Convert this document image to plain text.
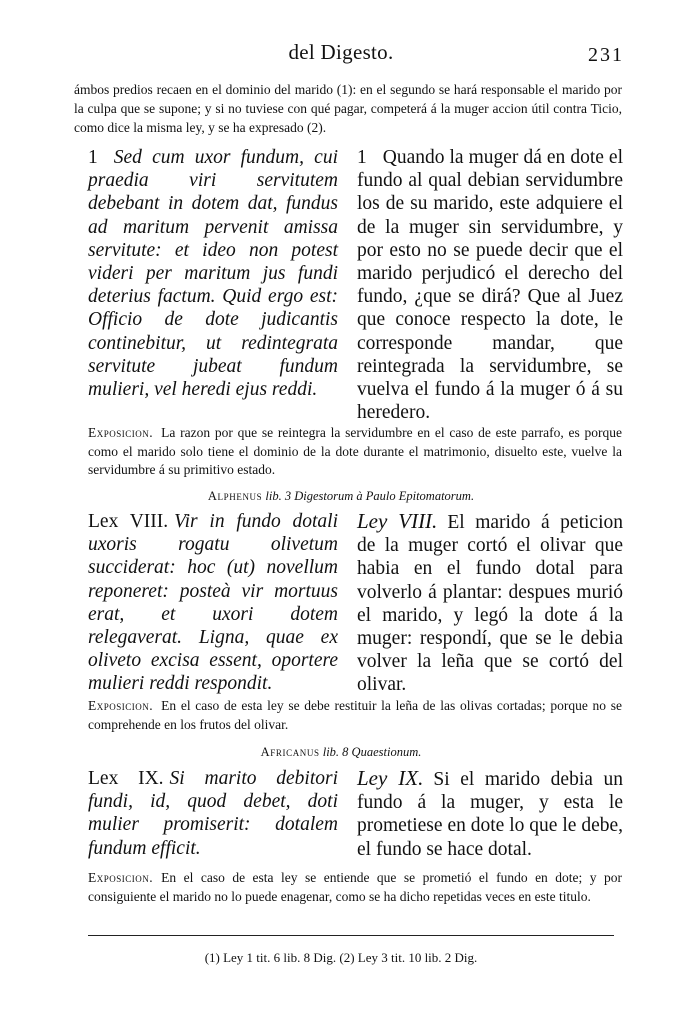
del Digesto.	231
ámbos predios recaen en el dominio del marido (1): en el segundo se hará responsable el marido por la culpa que se supone; y si no tuviese con qué pagar, competerá á la muger accion útil contra Ticio, como dice la misma ley, y se ha expresado (2).
1 Sed cum uxor fundum, cui praedia viri servitutem debebant in dotem dat, fundus ad maritum pervenit amissa servitute: et ideo non potest videri per maritum jus fundi deterius factum. Quid ergo est: Officio de dote judicantis continebitur, ut redintegrata servitute jubeat fundum mulieri, vel heredi ejus reddi.
1 Quando la muger dá en dote el fundo al qual debian servidumbre los de su marido, este adquiere el de la muger sin servidumbre, y por esto no se puede decir que el marido perjudicó el derecho del fundo, ¿que se dirá? Que al Juez que conoce respecto la dote, le corresponde mandar, que reintegrada la servidumbre, se vuelva el fundo á la muger ó á su heredero.
Exposicion. La razon por que se reintegra la servidumbre en el caso de este parrafo, es porque como el marido solo tiene el dominio de la dote durante el matrimonio, disuelto este, vuelve la servidumbre á su primitivo estado.
Alphenus lib. 3 Digestorum à Paulo Epitomatorum.
Lex VIII. Vir in fundo dotali uxoris rogatu olivetum succiderat: hoc (ut) novellum reponeret: posteà vir mortuus erat, et uxori dotem relegaverat. Ligna, quae ex oliveto excisa essent, oportere mulieri reddi respondit.
Ley VIII. El marido á peticion de la muger cortó el olivar que habia en el fundo dotal para volverlo á plantar: despues murió el marido, y legó la dote á la muger: respondí, que se le debia volver la leña que se cortó del olivar.
Exposicion. En el caso de esta ley se debe restituir la leña de las olivas cortadas; porque no se comprehende en los frutos del olivar.
Africanus lib. 8 Quaestionum.
Lex IX. Si marito debitori fundi, id, quod debet, doti mulier promiserit: dotalem fundum efficit.
Ley IX. Si el marido debia un fundo á la muger, y esta le prometiese en dote lo que le debe, el fundo se hace dotal.
Exposicion. En el caso de esta ley se entiende que se prometió el fundo en dote; y por consiguiente el marido no lo puede enagenar, como se ha dicho repetidas veces en este titulo.
(1) Ley 1 tit. 6 lib. 8 Dig. (2) Ley 3 tit. 10 lib. 2 Dig.
